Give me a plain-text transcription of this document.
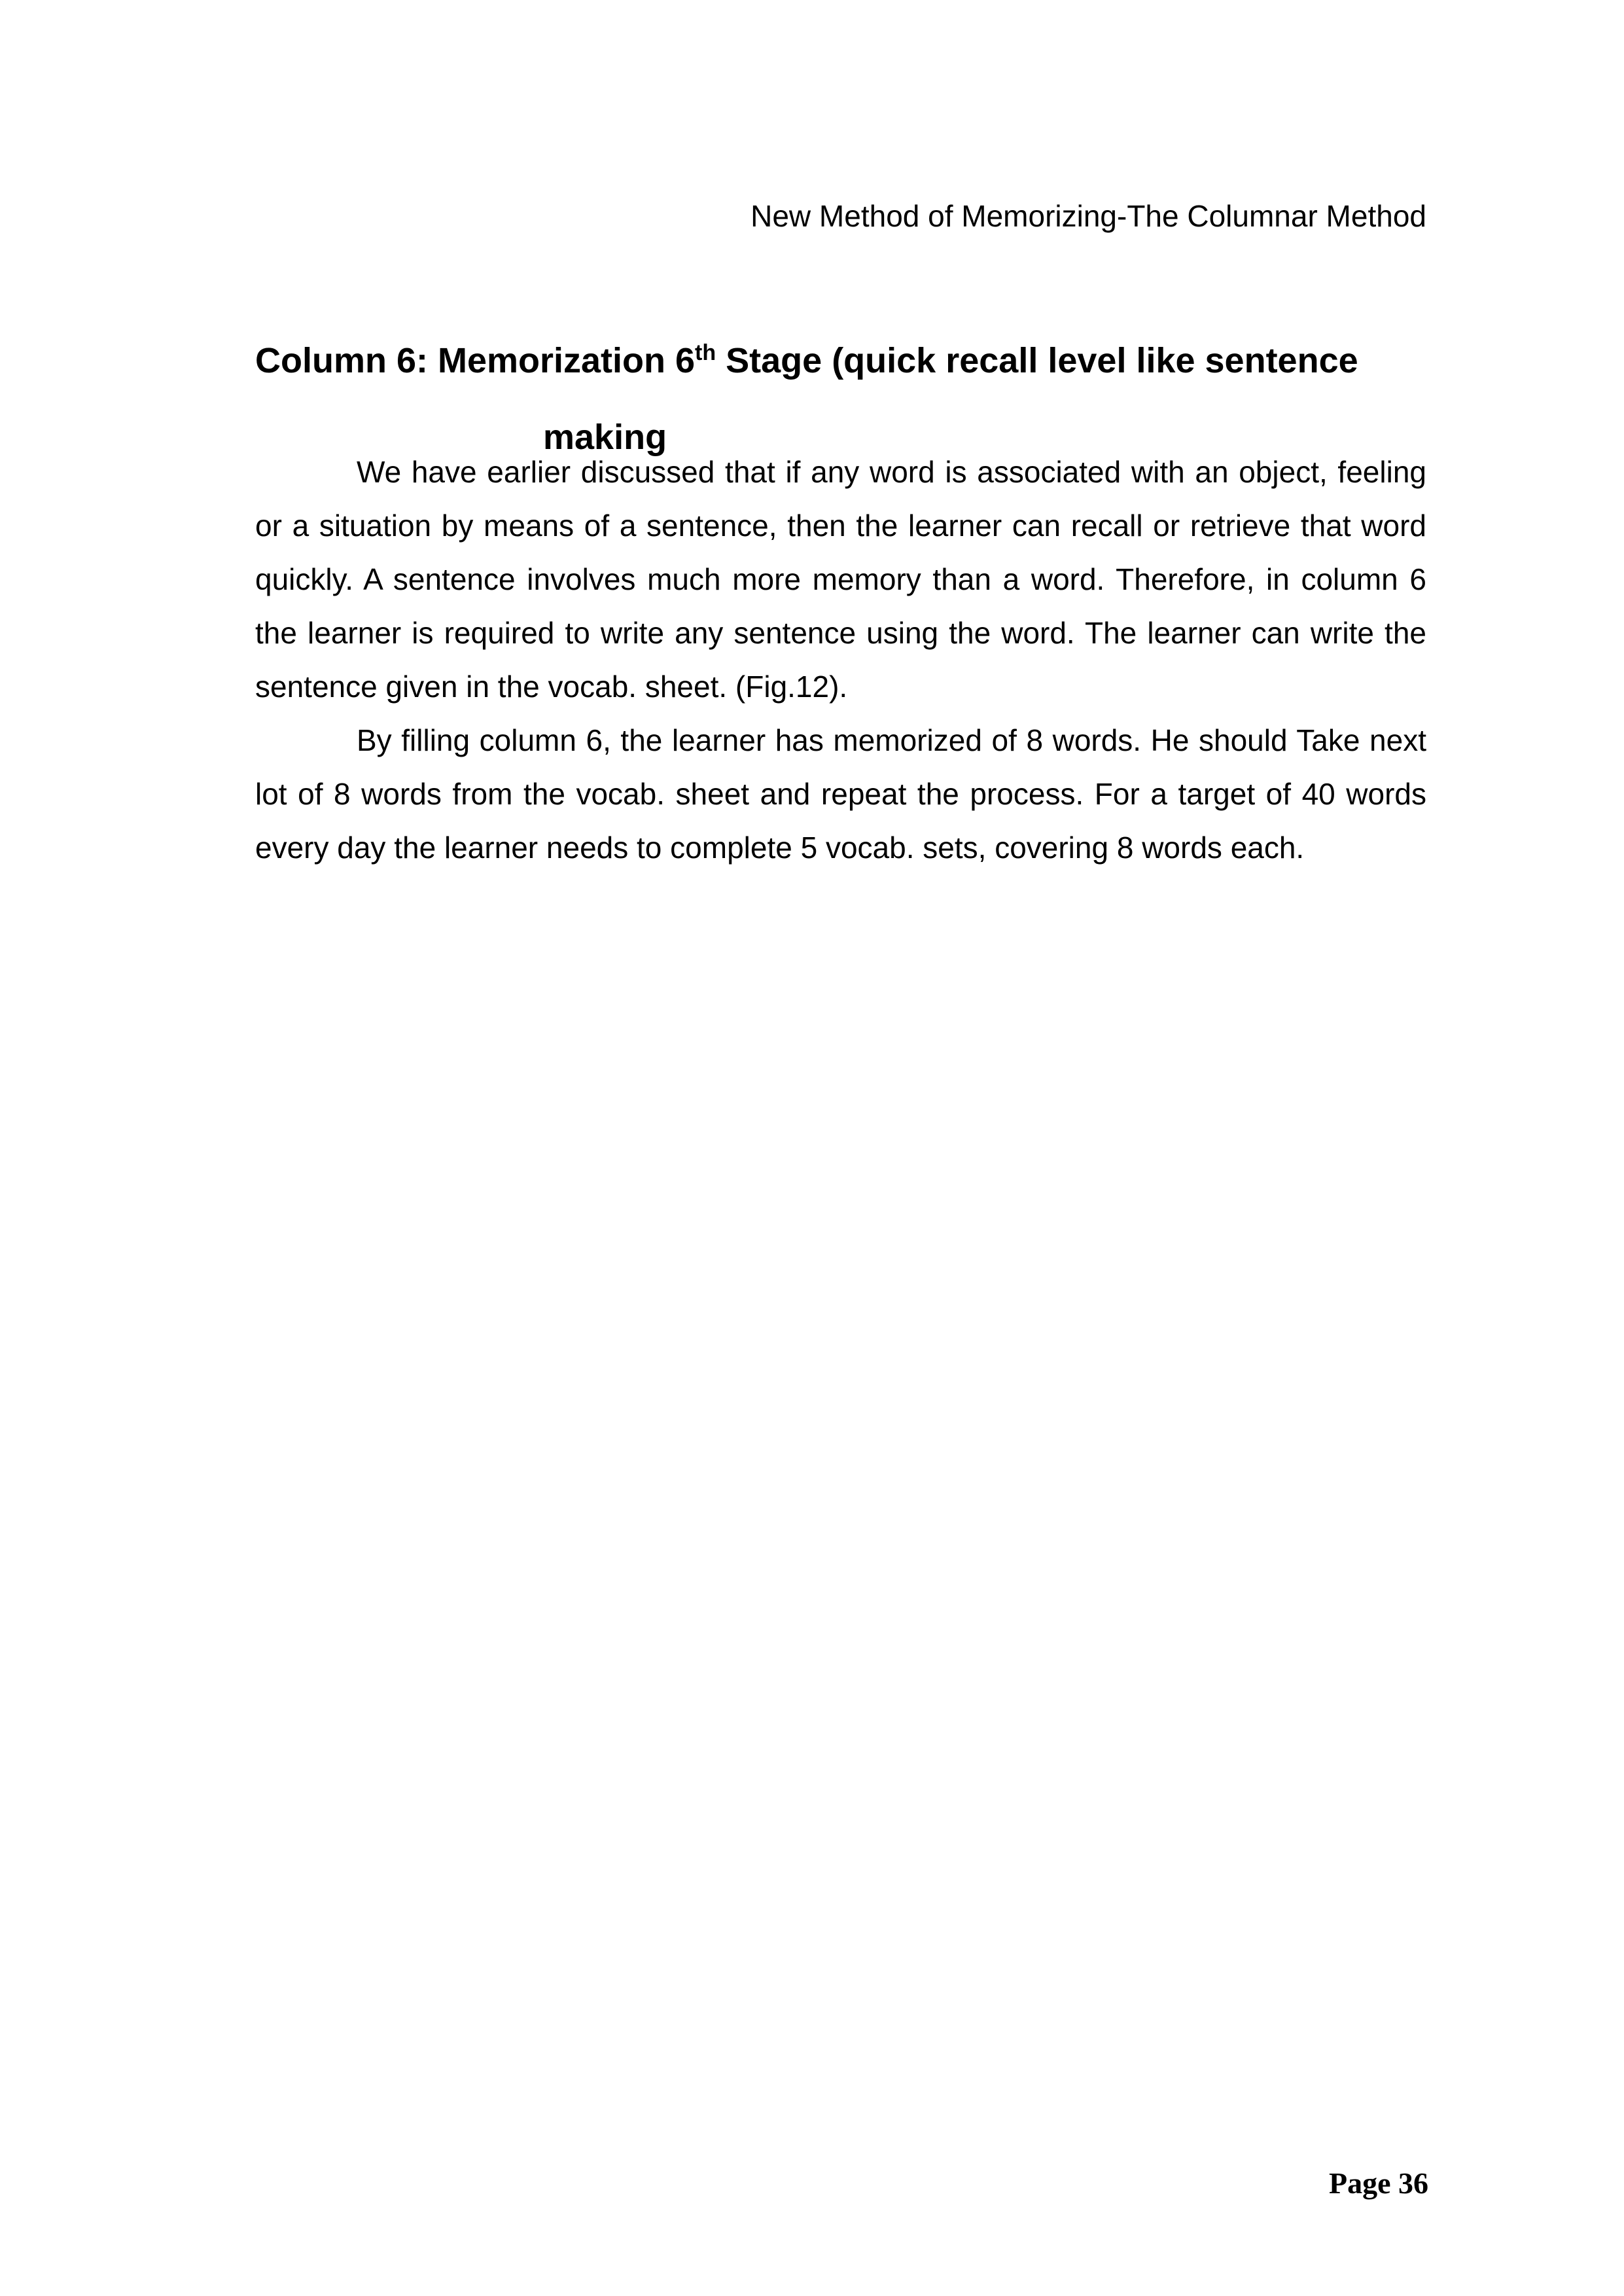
New Method of Memorizing-The Columnar Method
Column 6: Memorization 6th Stage (quick recall level like sentence
making
We have earlier discussed that if any word is associated with an object, feeling
or a situation by means of a sentence, then the learner can recall or retrieve that word
quickly. A sentence involves much more memory than a word. Therefore, in column 6
the learner is required to write any sentence using the word. The learner can write the
sentence given in the vocab. sheet. (Fig.12).
By filling column 6, the learner has memorized of 8 words. He should Take next
lot of 8 words from the vocab. sheet and repeat the process. For a target of 40 words
every day the learner needs to complete 5 vocab. sets, covering 8 words each.
Page 36
